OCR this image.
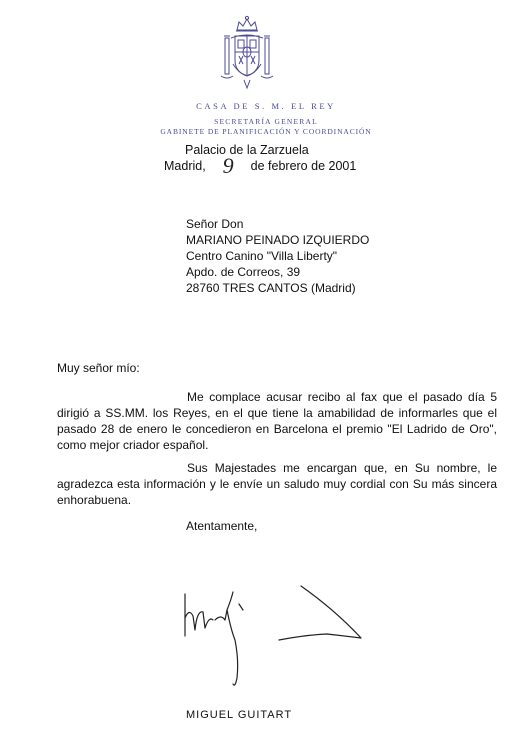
CASA DE S. M. EL REY
SECRETARÍA GENERAL
GABINETE DE PLANIFICACIÓN Y COORDINACIÓN
Palacio de la Zarzuela
Madrid, 9 de febrero de 2001
Señor Don
MARIANO PEINADO IZQUIERDO
Centro Canino "Villa Liberty"
Apdo. de Correos, 39
28760 TRES CANTOS (Madrid)
Muy señor mío:
Me complace acusar recibo al fax que el pasado día 5 dirigió a SS.MM. los Reyes, en el que tiene la amabilidad de informarles que el pasado 28 de enero le concedieron en Barcelona el premio "El Ladrido de Oro", como mejor criador español.
Sus Majestades me encargan que, en Su nombre, le agradezca esta información y le envíe un saludo muy cordial con Su más sincera enhorabuena.
Atentamente,
MIGUEL GUITART
